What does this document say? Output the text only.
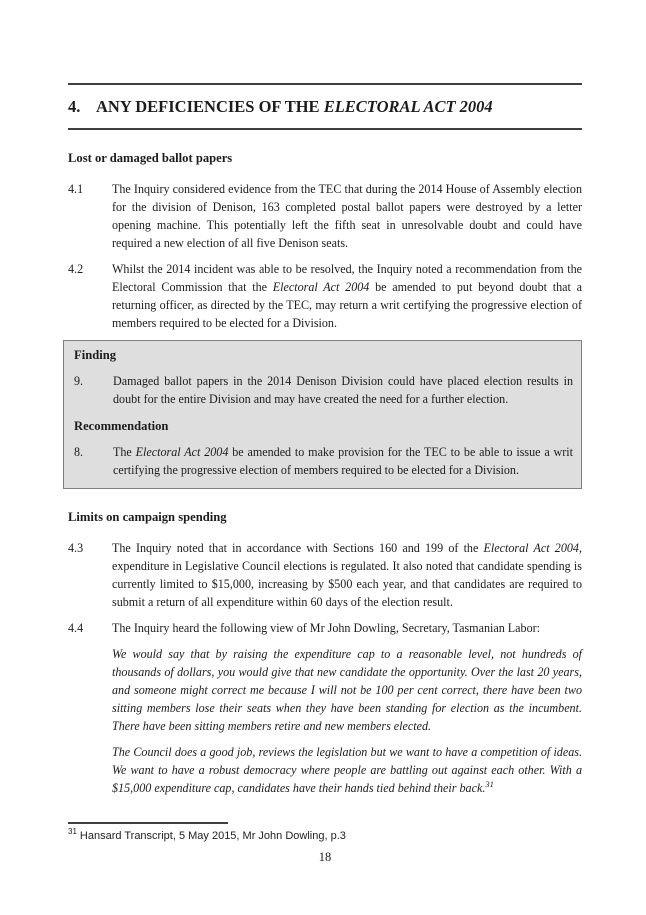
4. ANY DEFICIENCIES OF THE ELECTORAL ACT 2004
Lost or damaged ballot papers
4.1	The Inquiry considered evidence from the TEC that during the 2014 House of Assembly election for the division of Denison, 163 completed postal ballot papers were destroyed by a letter opening machine. This potentially left the fifth seat in unresolvable doubt and could have required a new election of all five Denison seats.
4.2	Whilst the 2014 incident was able to be resolved, the Inquiry noted a recommendation from the Electoral Commission that the Electoral Act 2004 be amended to put beyond doubt that a returning officer, as directed by the TEC, may return a writ certifying the progressive election of members required to be elected for a Division.
Finding
9.	Damaged ballot papers in the 2014 Denison Division could have placed election results in doubt for the entire Division and may have created the need for a further election.
Recommendation
8.	The Electoral Act 2004 be amended to make provision for the TEC to be able to issue a writ certifying the progressive election of members required to be elected for a Division.
Limits on campaign spending
4.3	The Inquiry noted that in accordance with Sections 160 and 199 of the Electoral Act 2004, expenditure in Legislative Council elections is regulated. It also noted that candidate spending is currently limited to $15,000, increasing by $500 each year, and that candidates are required to submit a return of all expenditure within 60 days of the election result.
4.4	The Inquiry heard the following view of Mr John Dowling, Secretary, Tasmanian Labor:
We would say that by raising the expenditure cap to a reasonable level, not hundreds of thousands of dollars, you would give that new candidate the opportunity. Over the last 20 years, and someone might correct me because I will not be 100 per cent correct, there have been two sitting members lose their seats when they have been standing for election as the incumbent. There have been sitting members retire and new members elected.
The Council does a good job, reviews the legislation but we want to have a competition of ideas. We want to have a robust democracy where people are battling out against each other. With a $15,000 expenditure cap, candidates have their hands tied behind their back.$^{31}$
$^{31}$ Hansard Transcript, 5 May 2015, Mr John Dowling, p.3
18
